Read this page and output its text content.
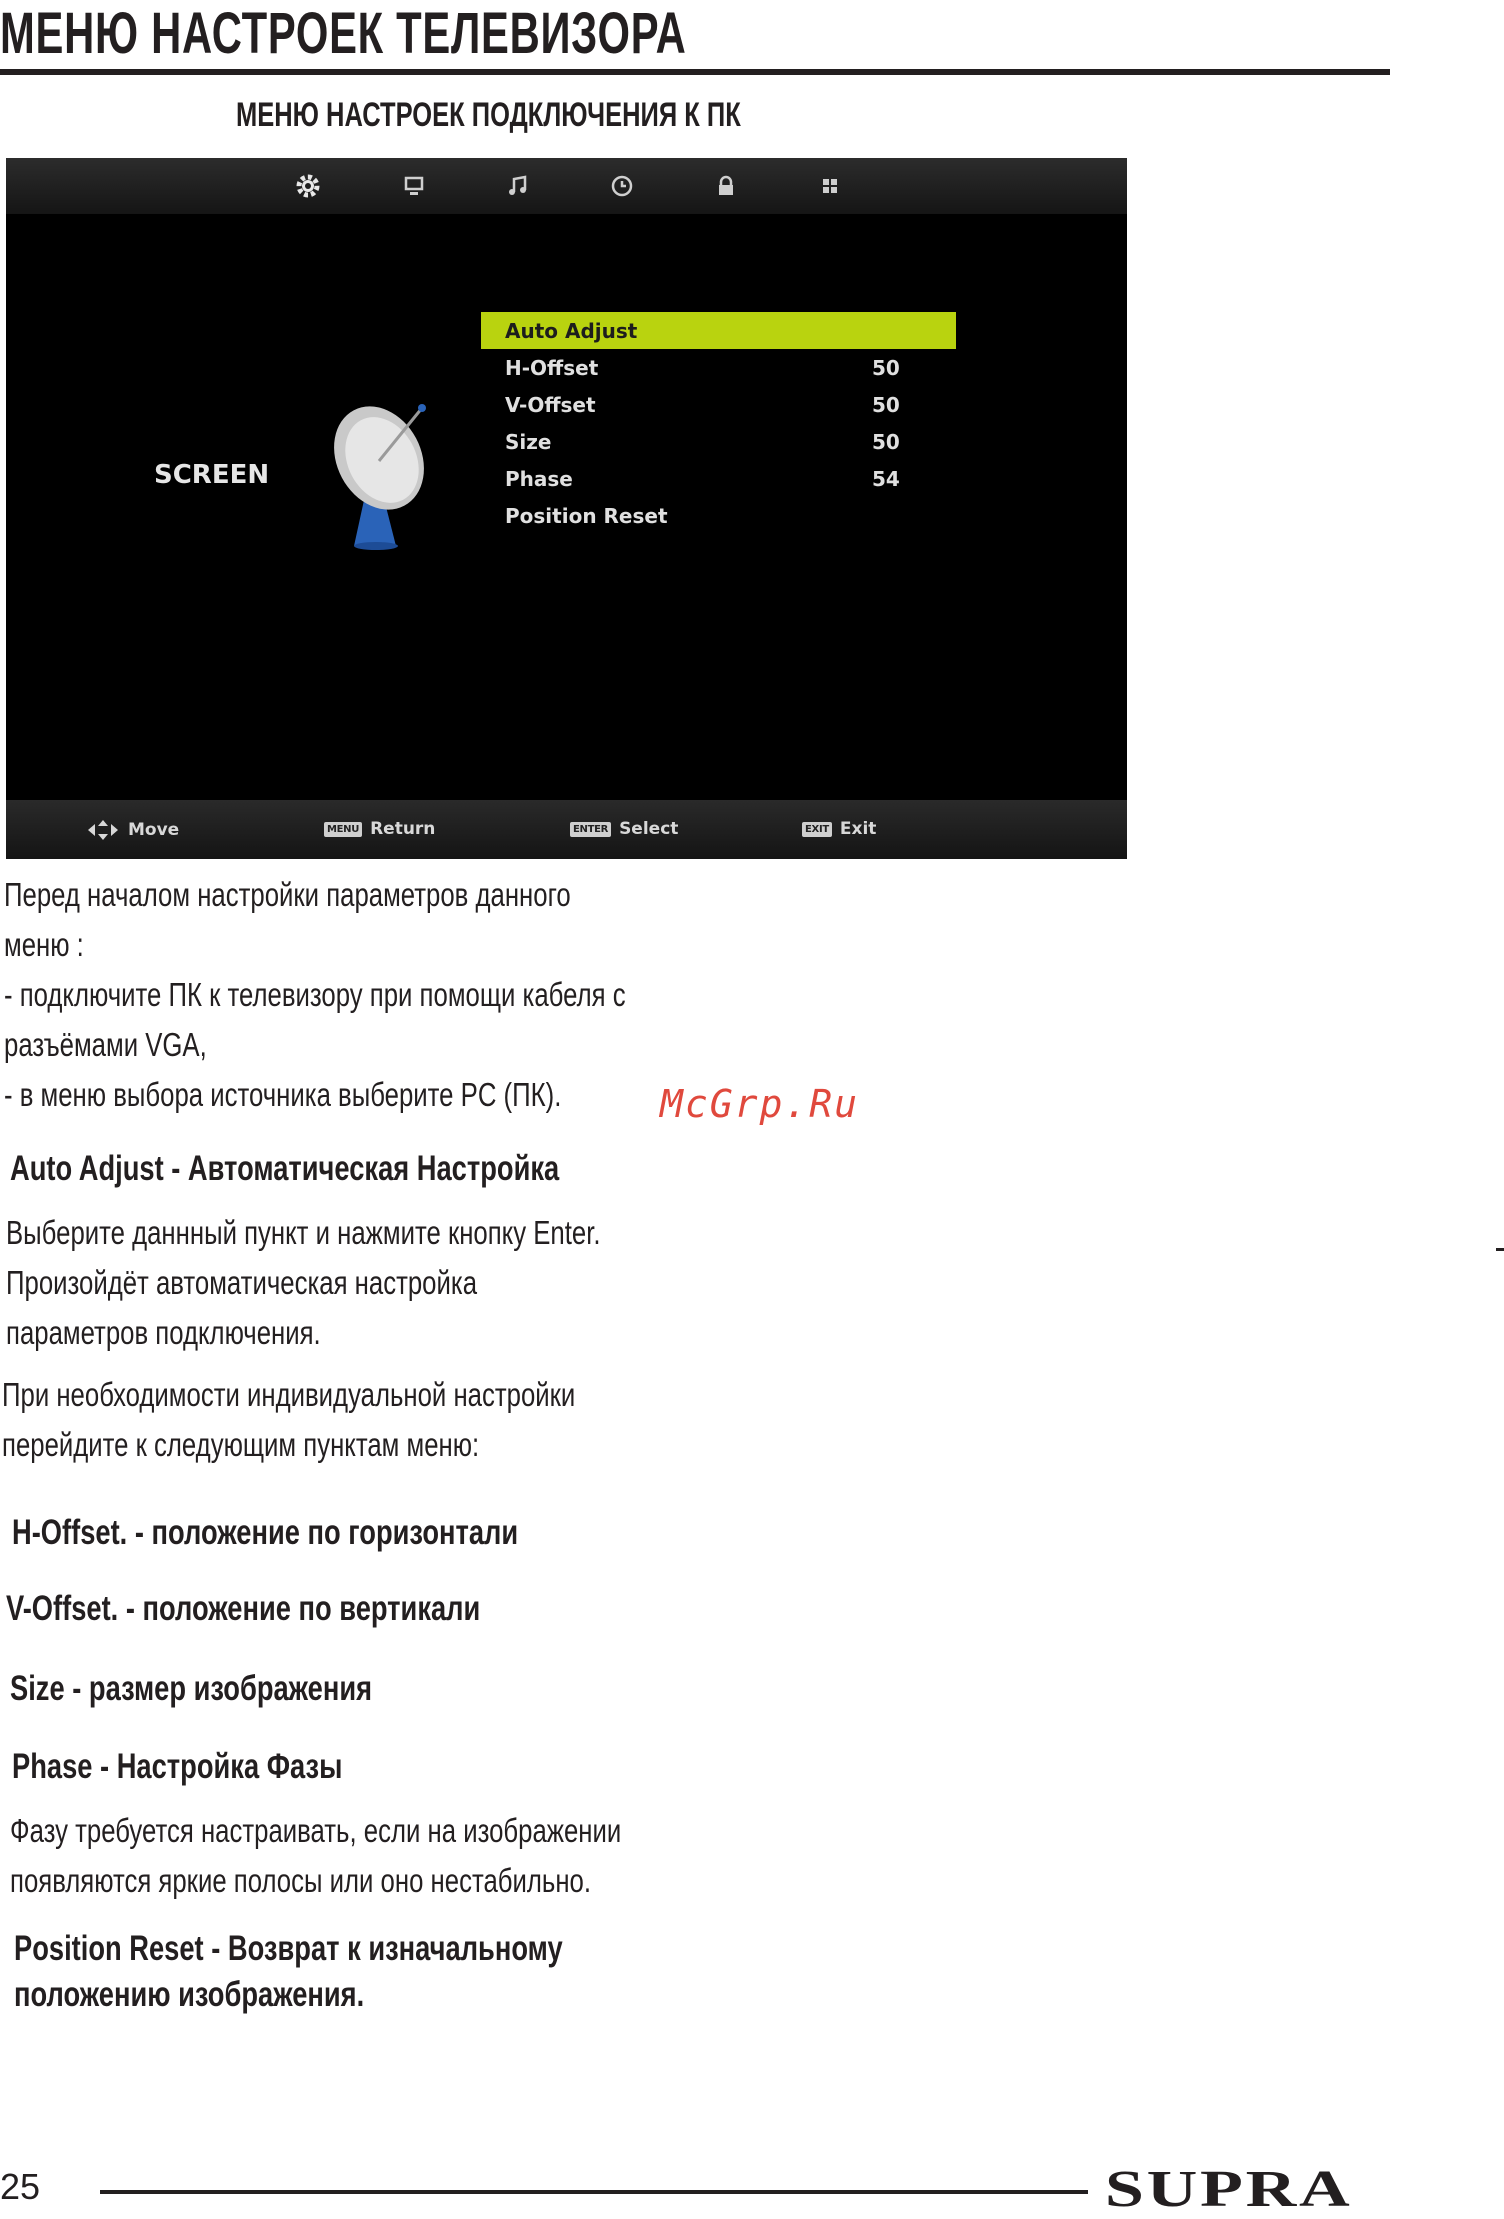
МЕНЮ НАСТРОЕК ТЕЛЕВИЗОРА
МЕНЮ НАСТРОЕК ПОДКЛЮЧЕНИЯ К ПК
SCREEN
Auto Adjust
H-Offset	50
V-Offset	50
Size	50
Phase	54
Position Reset
Move	MENU Return	ENTER Select	EXIT Exit
Перед началом настройки параметров данного
меню :
- подключите ПК к телевизору при помощи кабеля с
разъёмами VGA,
- в меню выбора источника выберите PC (ПК).	McGrp.Ru
Auto Adjust - Автоматическая Настройка
Выберите даннный пункт и нажмите кнопку Enter.
Произойдёт автоматическая настройка
параметров подключения.
При необходимости индивидуальной настройки
перейдите к следующим пунктам меню:
H-Offset. - положение по горизонтали
V-Offset. - положение по вертикали
Size - размер изображения
Phase - Настройка Фазы
Фазу требуется настраивать, если на изображении
появляются яркие полосы или оно нестабильно.
Position Reset - Возврат к изначальному
положению изображения.
25	SUPRA
